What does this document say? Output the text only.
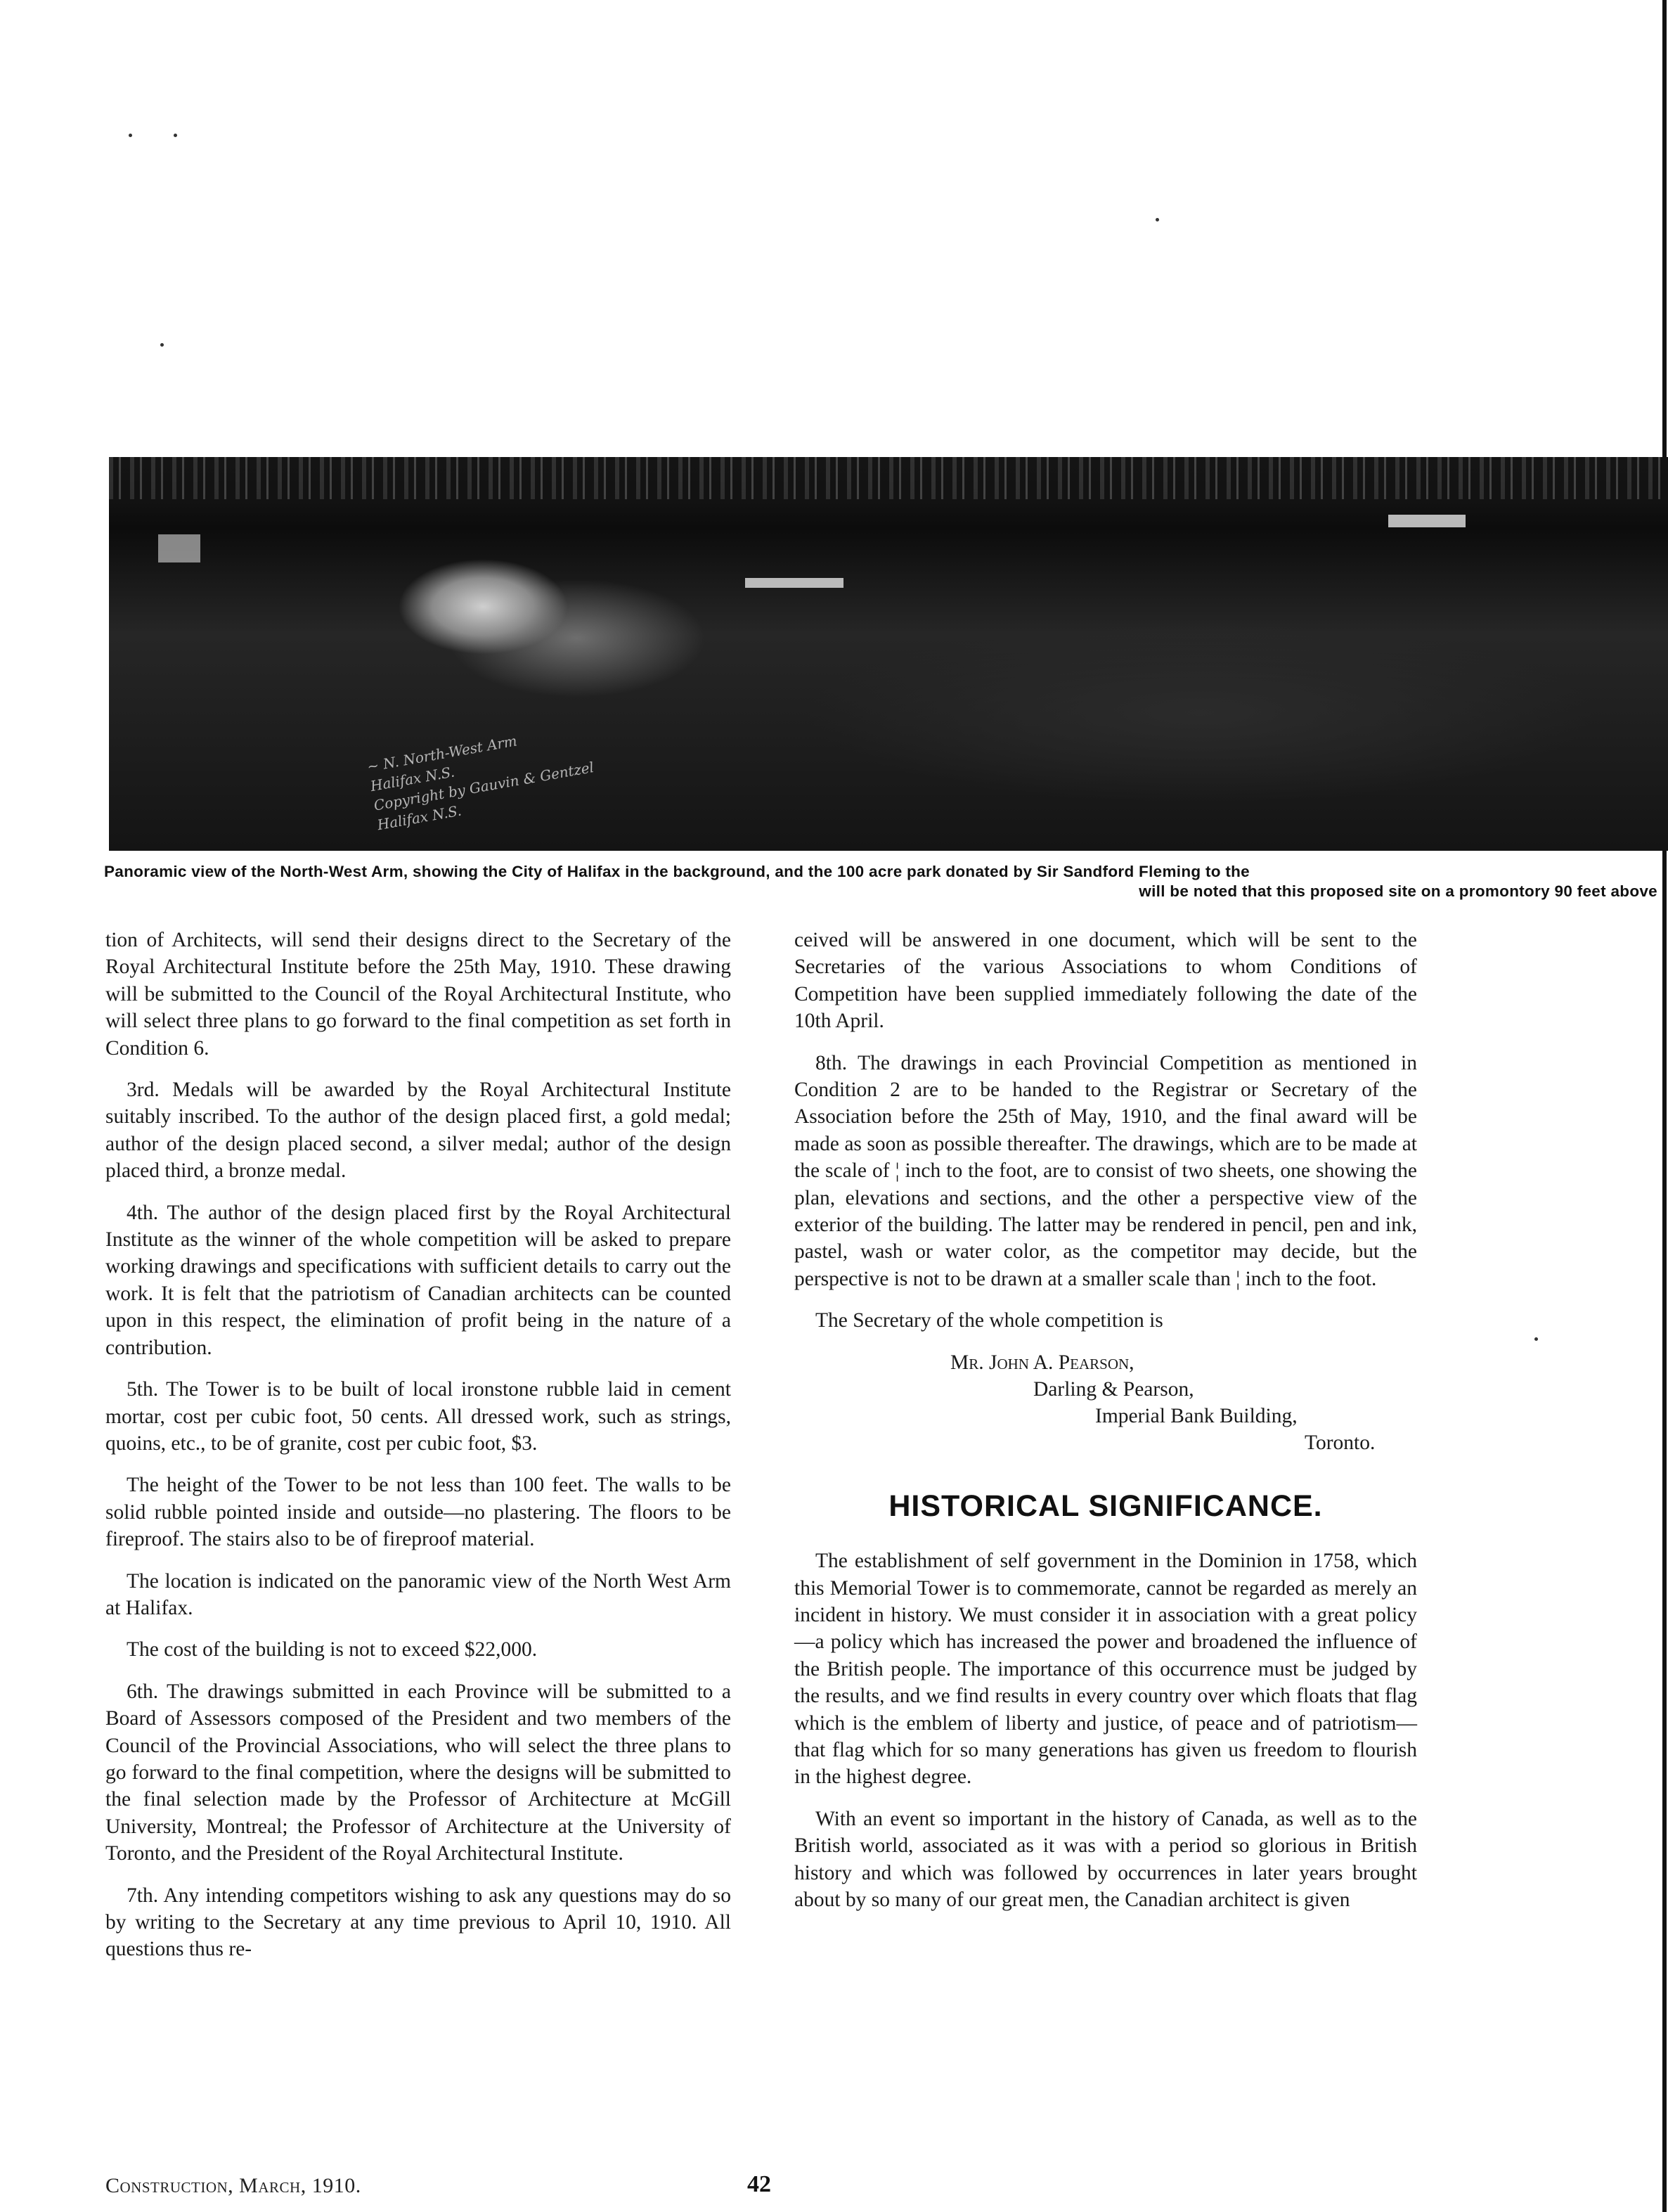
~ N. North-West Arm
Halifax N.S.
Copyright by Gauvin & Gentzel
Halifax N.S.
Panoramic view of the North-West Arm, showing the City of Halifax in the background, and the 100 acre park donated by Sir Sandford Fleming to the
will be noted that this proposed site on a promontory 90 feet above

tion of Architects, will send their designs direct to the Secretary of the Royal Architectural Institute before the 25th May, 1910. These drawing will be submitted to the Council of the Royal Architectural Institute, who will select three plans to go forward to the final competition as set forth in Condition 6.

3rd. Medals will be awarded by the Royal Architectural Institute suitably inscribed. To the author of the design placed first, a gold medal; author of the design placed second, a silver medal; author of the design placed third, a bronze medal.

4th. The author of the design placed first by the Royal Architectural Institute as the winner of the whole competition will be asked to prepare working drawings and specifications with sufficient details to carry out the work. It is felt that the patriotism of Canadian architects can be counted upon in this respect, the elimination of profit being in the nature of a contribution.

5th. The Tower is to be built of local ironstone rubble laid in cement mortar, cost per cubic foot, 50 cents. All dressed work, such as strings, quoins, etc., to be of granite, cost per cubic foot, $3.

The height of the Tower to be not less than 100 feet. The walls to be solid rubble pointed inside and outside—no plastering. The floors to be fireproof. The stairs also to be of fireproof material.

The location is indicated on the panoramic view of the North West Arm at Halifax.

The cost of the building is not to exceed $22,000.

6th. The drawings submitted in each Province will be submitted to a Board of Assessors composed of the President and two members of the Council of the Provincial Associations, who will select the three plans to go forward to the final competition, where the designs will be submitted to the final selection made by the Professor of Architecture at McGill University, Montreal; the Professor of Architecture at the University of Toronto, and the President of the Royal Architectural Institute.

7th. Any intending competitors wishing to ask any questions may do so by writing to the Secretary at any time previous to April 10, 1910. All questions thus re-

ceived will be answered in one document, which will be sent to the Secretaries of the various Associations to whom Conditions of Competition have been supplied immediately following the date of the 10th April.

8th. The drawings in each Provincial Competition as mentioned in Condition 2 are to be handed to the Registrar or Secretary of the Association before the 25th of May, 1910, and the final award will be made as soon as possible thereafter. The drawings, which are to be made at the scale of ¦ inch to the foot, are to consist of two sheets, one showing the plan, elevations and sections, and the other a perspective view of the exterior of the building. The latter may be rendered in pencil, pen and ink, pastel, wash or water color, as the competitor may decide, but the perspective is not to be drawn at a smaller scale than ¦ inch to the foot.

The Secretary of the whole competition is

Mr. John A. Pearson,
Darling & Pearson,
Imperial Bank Building,
Toronto.
HISTORICAL SIGNIFICANCE.

The establishment of self government in the Dominion in 1758, which this Memorial Tower is to commemorate, cannot be regarded as merely an incident in history. We must consider it in association with a great policy—a policy which has increased the power and broadened the influence of the British people. The importance of this occurrence must be judged by the results, and we find results in every country over which floats that flag which is the emblem of liberty and justice, of peace and of patriotism—that flag which for so many generations has given us freedom to flourish in the highest degree.

With an event so important in the history of Canada, as well as to the British world, associated as it was with a period so glorious in British history and which was followed by occurrences in later years brought about by so many of our great men, the Canadian architect is given

Construction, March, 1910.	42
